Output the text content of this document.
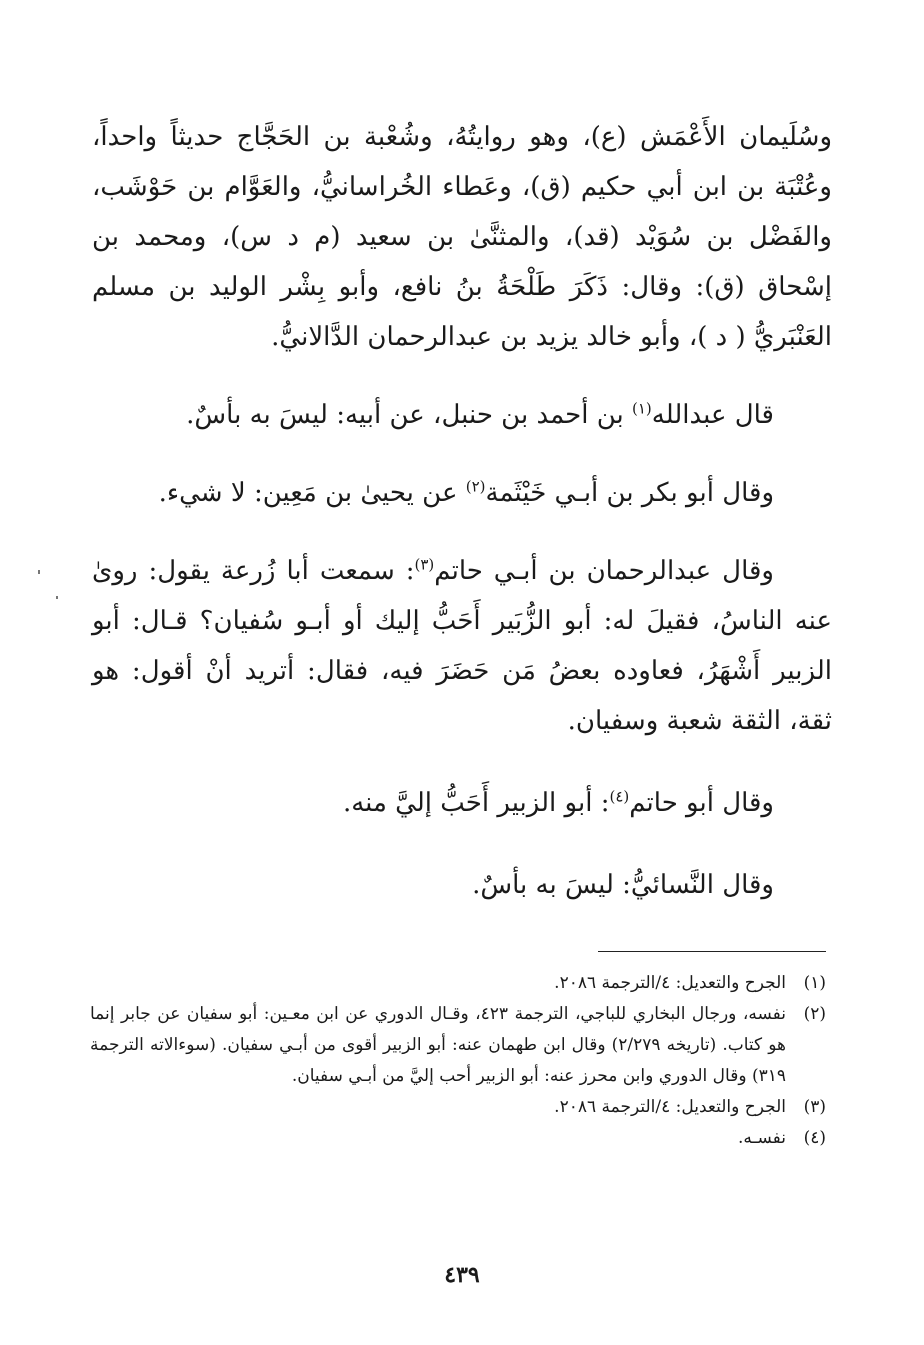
وسُلَيمان الأَعْمَش (ع)، وهو روايتُهُ، وشُعْبة بن الحَجَّاج حديثاً واحداً، وعُتْبَة بن ابن أبي حكيم (ق)، وعَطاء الخُراسانيُّ، والعَوَّام بن حَوْشَب، والفَضْل بن سُوَيْد (قد)، والمثنَّىٰ بن سعيد (م د س)، ومحمد بن إسْحاق (ق): وقال: ذَكَرَ طَلْحَةُ بنُ نافع، وأبو بِشْر الوليد بن مسلم العَنْبَريُّ ( د )، وأبو خالد يزيد بن عبدالرحمان الدَّالانيُّ.

قال عبدالله$^{(١)}$ بن أحمد بن حنبل، عن أبيه: ليسَ به بأسٌ.

وقال أبو بكر بن أبـي خَيْثَمة$^{(٢)}$ عن يحيىٰ بن مَعِين: لا شيء.

وقال عبدالرحمان بن أبـي حاتم$^{(٣)}$: سمعت أبا زُرعة يقول: روىٰ عنه الناسُ، فقيلَ له: أبو الزُّبَير أَحَبُّ إليك أو أبـو سُفيان؟ قـال: أبو الزبير أَشْهَرُ، فعاوده بعضُ مَن حَضَرَ فيه، فقال: أتريد أنْ أقول: هو ثقة، الثقة شعبة وسفيان.

وقال أبو حاتم$^{(٤)}$: أبو الزبير أَحَبُّ إليَّ منه.

وقال النَّسائيُّ: ليسَ به بأسٌ.

(١)
الجرح والتعديل: ٤/الترجمة ٢٠٨٦.
(٢)
نفسه، ورجال البخاري للباجي، الترجمة ٤٢٣، وقـال الدوري عن ابن معـين: أبو سفيان عن جابر إنما هو كتاب. (تاريخه ٢/٢٧٩) وقال ابن طهمان عنه: أبو الزبير أقوى من أبـي سفيان. (سوءالاته الترجمة ٣١٩) وقال الدوري وابن محرز عنه: أبو الزبير أحب إليَّ من أبـي سفيان.
(٣)
الجرح والتعديل: ٤/الترجمة ٢٠٨٦.
(٤)
نفسـه.
٤٣٩
